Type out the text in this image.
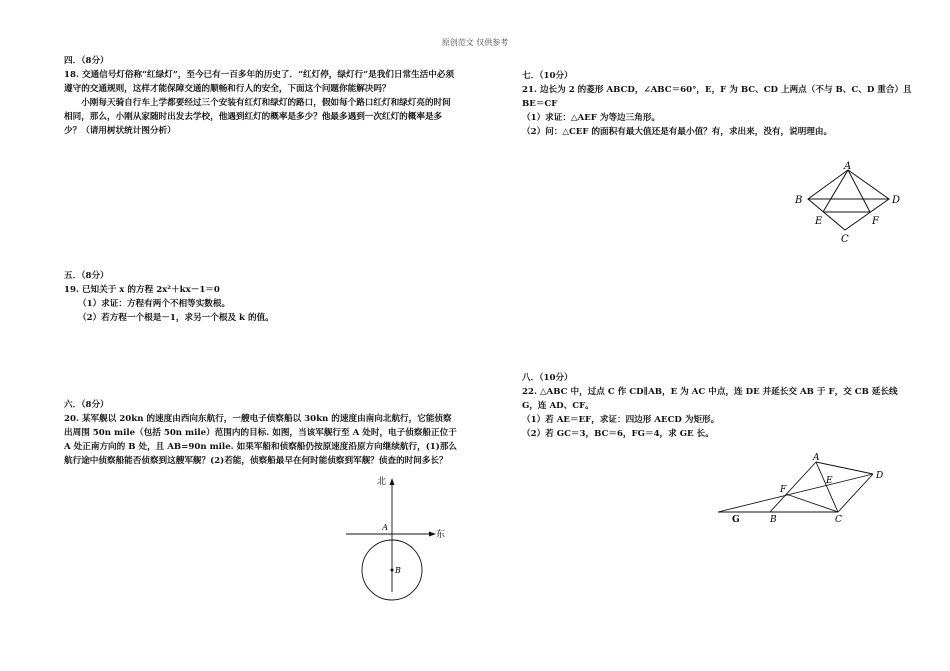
原创范文 仅供参考

四．（8分）

18. 交通信号灯俗称“红绿灯”，至今已有一百多年的历史了．“红灯停，绿灯行”是我们日常生活中必须遵守的交通规则，这样才能保障交通的顺畅和行人的安全，下面这个问题你能解决吗？

小刚每天骑自行车上学都要经过三个安装有红灯和绿灯的路口，假如每个路口红灯和绿灯亮的时间相同，那么，小刚从家随时出发去学校，他遇到红灯的概率是多少？他最多遇到一次红灯的概率是多少？（请用树状统计图分析）

五．（8分）

19. 已知关于 x 的方程 2x²＋kx－1＝0

（1）求证：方程有两个不相等实数根。

（2）若方程一个根是－1，求另一个根及 k 的值。

六．（8分）

20. 某军舰以 20kn 的速度由西向东航行，一艘电子侦察船以 30kn 的速度由南向北航行，它能侦察出周围 50n mile（包括 50n mile）范围内的目标. 如图，当该军舰行至 A 处时，电子侦察船正位于 A 处正南方向的 B 处，且 AB=90n mile. 如果军船和侦察船仍按原速度沿原方向继续航行，(1)那么航行途中侦察船能否侦察到这艘军舰？(2)若能，侦察船最早在何时能侦察到军舰？侦查的时间多长？

七．（10分）

21. 边长为 2 的菱形 ABCD，∠ABC＝60°，E，F 为 BC、CD 上两点（不与 B、C、D 重合）且 BE＝CF

（1）求证：△AEF 为等边三角形。

（2）问：△CEF 的面积有最大值还是有最小值？有，求出来，没有，说明理由。

八．（10分）

22. △ABC 中，过点 C 作 CD∥AB，E 为 AC 中点，连 DE 并延长交 AB 于 F，交 CB 延长线 G，连 AD、CF。

（1）若 AE＝EF，求证：四边形 AECD 为矩形。

（2）若 GC＝3，BC＝6，FG＝4，求 GE 长。

北
东
A
B
A
B	D
E	F
C
A
D
E
F
G	B	C
